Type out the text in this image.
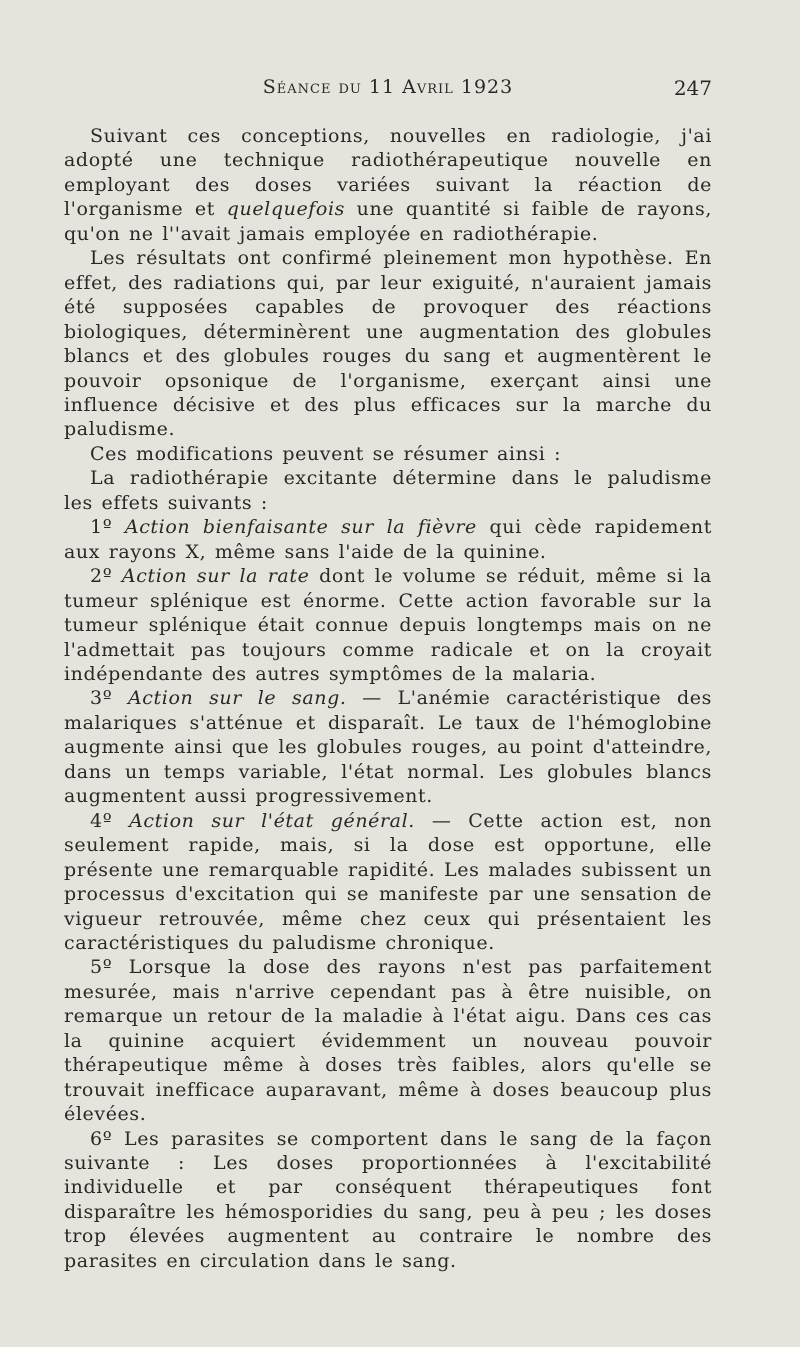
Séance du 11 Avril 1923	247

Suivant ces conceptions, nouvelles en radiologie, j'ai adopté une technique radiothérapeutique nouvelle en employant des doses variées suivant la réaction de l'organisme et quelquefois une quantité si faible de rayons, qu'on ne l''avait jamais employée en radiothérapie.

Les résultats ont confirmé pleinement mon hypothèse. En effet, des radiations qui, par leur exiguité, n'auraient jamais été supposées capables de provoquer des réactions biologiques, déterminèrent une augmentation des globules blancs et des globules rouges du sang et augmentèrent le pouvoir opsonique de l'organisme, exerçant ainsi une influence décisive et des plus efficaces sur la marche du paludisme.

Ces modifications peuvent se résumer ainsi :

La radiothérapie excitante détermine dans le paludisme les effets suivants :

1º Action bienfaisante sur la fièvre qui cède rapidement aux rayons X, même sans l'aide de la quinine.

2º Action sur la rate dont le volume se réduit, même si la tumeur splénique est énorme. Cette action favorable sur la tumeur splénique était connue depuis longtemps mais on ne l'admettait pas toujours comme radicale et on la croyait indépendante des autres symptômes de la malaria.

3º Action sur le sang. — L'anémie caractéristique des malariques s'atténue et disparaît. Le taux de l'hémoglobine augmente ainsi que les globules rouges, au point d'atteindre, dans un temps variable, l'état normal. Les globules blancs augmentent aussi progressivement.

4º Action sur l'état général. — Cette action est, non seulement rapide, mais, si la dose est opportune, elle présente une remarquable rapidité. Les malades subissent un processus d'excitation qui se manifeste par une sensation de vigueur retrouvée, même chez ceux qui présentaient les caractéristiques du paludisme chronique.

5º Lorsque la dose des rayons n'est pas parfaitement mesurée, mais n'arrive cependant pas à être nuisible, on remarque un retour de la maladie à l'état aigu. Dans ces cas la quinine acquiert évidemment un nouveau pouvoir thérapeutique même à doses très faibles, alors qu'elle se trouvait inefficace auparavant, même à doses beaucoup plus élevées.

6º Les parasites se comportent dans le sang de la façon suivante : Les doses proportionnées à l'excitabilité individuelle et par conséquent thérapeutiques font disparaître les hémosporidies du sang, peu à peu ; les doses trop élevées augmentent au contraire le nombre des parasites en circulation dans le sang.
